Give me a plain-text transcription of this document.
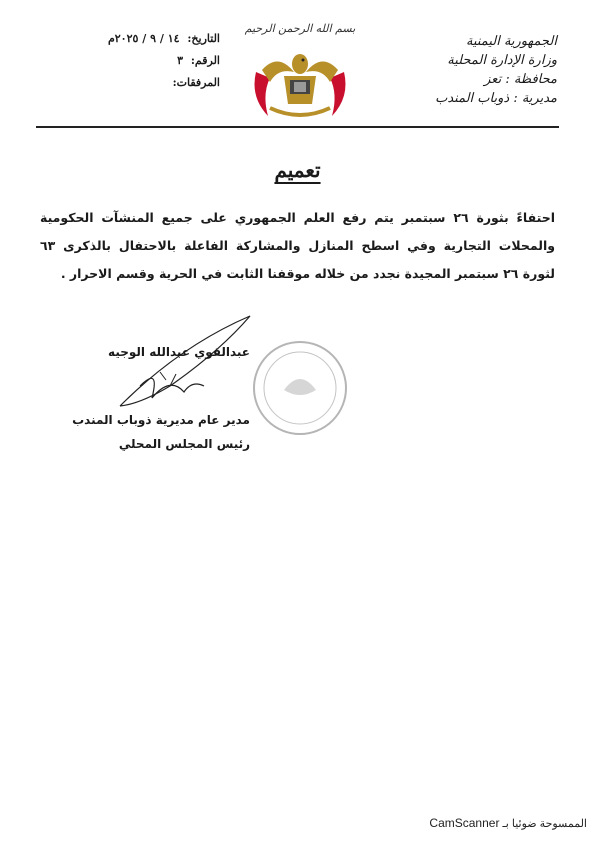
التاريخ: ١٤ / ٩ / ٢٠٢٥م
الرقم: ٣
المرفقات:
بسم الله الرحمن الرحيم
الجمهورية اليمنية
وزارة الإدارة المحلية
محافظة : تعز
مديرية : ذوباب المندب
تعميم
احتفاءً بثورة ٢٦ سبتمبر يتم رفع العلم الجمهوري على جميع المنشآت الحكومية والمحلات التجارية وفي اسطح المنازل والمشاركة الفاعلة بالاحتفال بالذكرى ٦٣ لثورة ٢٦ سبتمبر المجيدة نجدد من خلاله موقفنا الثابت في الحرية وقسم الاحرار .
عبدالقوي عبدالله الوجيه
مدير عام مديرية ذوباب المندب
رئيس المجلس المحلي
CamScanner الممسوحة ضوئيا بـ
